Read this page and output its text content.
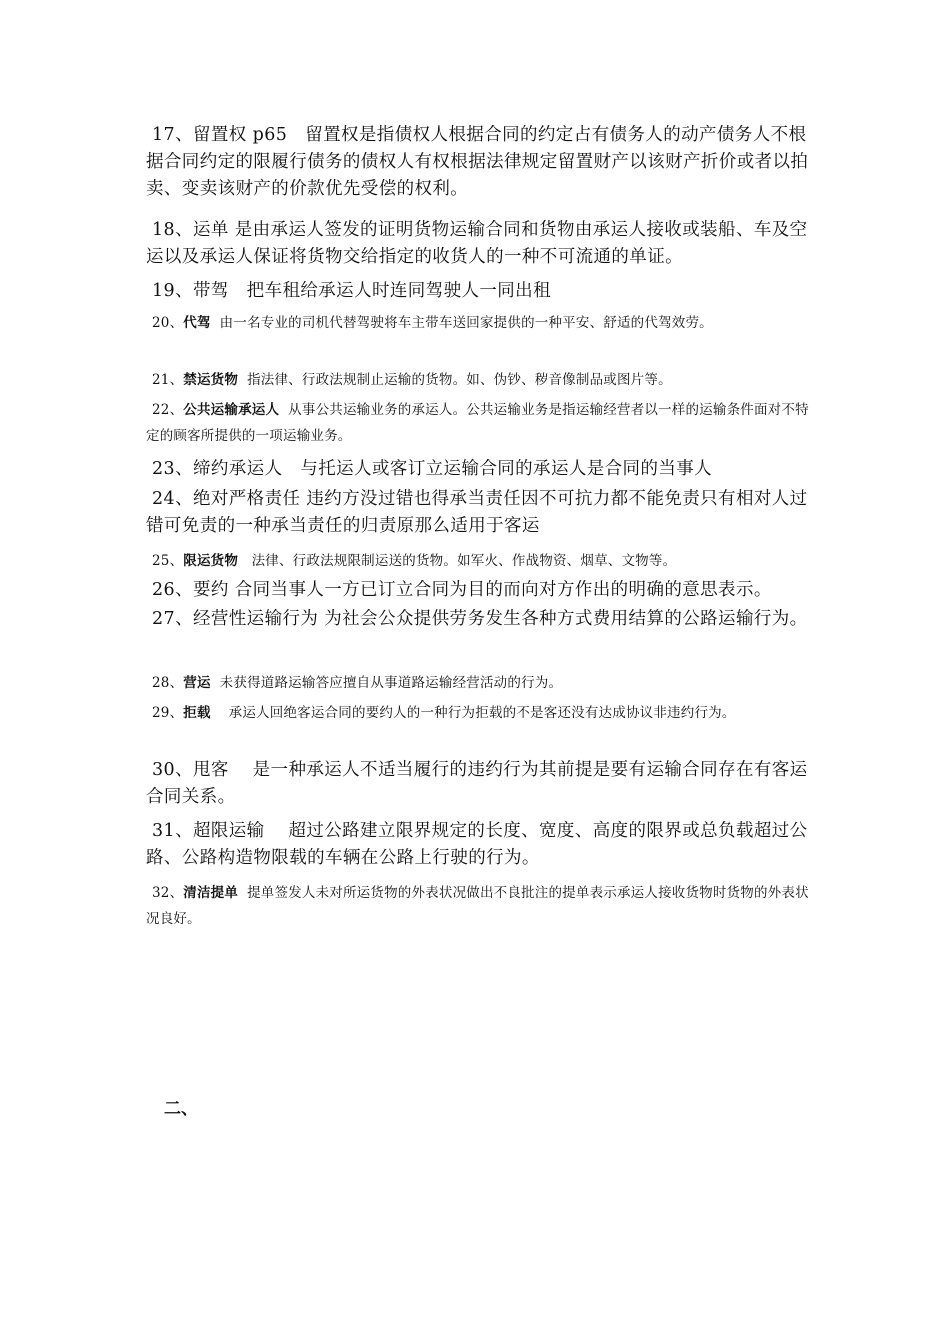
17、留置权 p65 留置权是指债权人根据合同的约定占有债务人的动产债务人不根据合同约定的限履行债务的债权人有权根据法律规定留置财产以该财产折价或者以拍卖、变卖该财产的价款优先受偿的权利。
18、运单 是由承运人签发的证明货物运输合同和货物由承运人接收或装船、车及空运以及承运人保证将货物交给指定的收货人的一种不可流通的单证。
19、带驾 把车租给承运人时连同驾驶人一同出租
20、代驾 由一名专业的司机代替驾驶将车主带车送回家提供的一种平安、舒适的代驾效劳。
21、禁运货物 指法律、行政法规制止运输的货物。如、伪钞、秽音像制品或图片等。
22、公共运输承运人 从事公共运输业务的承运人。公共运输业务是指运输经营者以一样的运输条件面对不特定的顾客所提供的一项运输业务。
23、缔约承运人 与托运人或客订立运输合同的承运人是合同的当事人
24、绝对严格责任 违约方没过错也得承当责任因不可抗力都不能免责只有相对人过错可免责的一种承当责任的归责原那么适用于客运
25、限运货物 法律、行政法规限制运送的货物。如军火、作战物资、烟草、文物等。
26、要约 合同当事人一方已订立合同为目的而向对方作出的明确的意思表示。
27、经营性运输行为 为社会公众提供劳务发生各种方式费用结算的公路运输行为。
28、营运 未获得道路运输答应擅自从事道路运输经营活动的行为。
29、拒载 承运人回绝客运合同的要约人的一种行为拒载的不是客还没有达成协议非违约行为。
30、甩客 是一种承运人不适当履行的违约行为其前提是要有运输合同存在有客运合同关系。
31、超限运输 超过公路建立限界规定的长度、宽度、高度的限界或总负载超过公路、公路构造物限载的车辆在公路上行驶的行为。
32、清洁提单 提单签发人未对所运货物的外表状况做出不良批注的提单表示承运人接收货物时货物的外表状况良好。
二、
